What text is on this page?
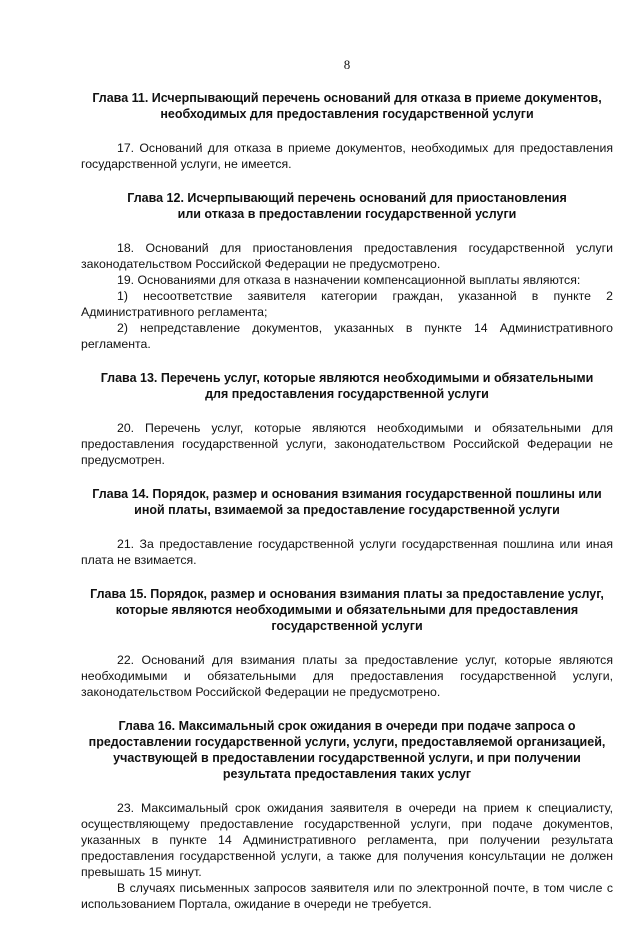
8
Глава 11. Исчерпывающий перечень оснований для отказа в приеме документов,
необходимых для предоставления государственной услуги

17. Оснований для отказа в приеме документов, необходимых для предоставления государственной услуги, не имеется.

Глава 12. Исчерпывающий перечень оснований для приостановления
или отказа в предоставлении государственной услуги

18. Оснований для приостановления предоставления государственной услуги законодательством Российской Федерации не предусмотрено.

19. Основаниями для отказа в назначении компенсационной выплаты являются:

1) несоответствие заявителя категории граждан, указанной в пункте 2 Административного регламента;

2) непредставление документов, указанных в пункте 14 Административного регламента.

Глава 13. Перечень услуг, которые являются необходимыми и обязательными
для предоставления государственной услуги

20. Перечень услуг, которые являются необходимыми и обязательными для предоставления государственной услуги, законодательством Российской Федерации не предусмотрен.

Глава 14. Порядок, размер и основания взимания государственной пошлины или
иной платы, взимаемой за предоставление государственной услуги

21. За предоставление государственной услуги государственная пошлина или иная плата не взимается.

Глава 15. Порядок, размер и основания взимания платы за предоставление услуг,
которые являются необходимыми и обязательными для предоставления
государственной услуги

22. Оснований для взимания платы за предоставление услуг, которые являются необходимыми и обязательными для предоставления государственной услуги, законодательством Российской Федерации не предусмотрено.

Глава 16. Максимальный срок ожидания в очереди при подаче запроса о
предоставлении государственной услуги, услуги, предоставляемой организацией,
участвующей в предоставлении государственной услуги, и при получении
результата предоставления таких услуг

23. Максимальный срок ожидания заявителя в очереди на прием к специалисту, осуществляющему предоставление государственной услуги, при подаче документов, указанных в пункте 14 Административного регламента, при получении результата предоставления государственной услуги, а также для получения консультации не должен превышать 15 минут.

В случаях письменных запросов заявителя или по электронной почте, в том числе с использованием Портала, ожидание в очереди не требуется.
